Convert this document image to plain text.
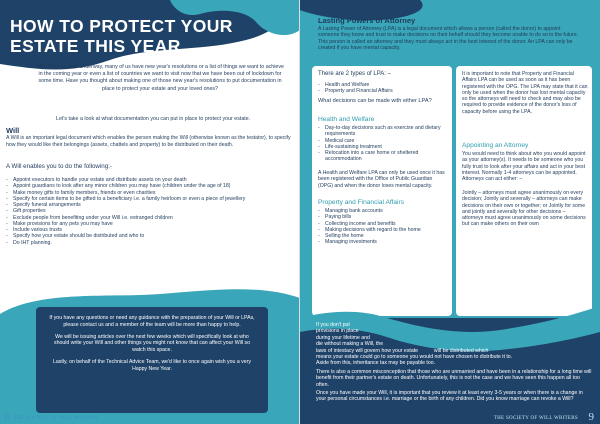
HOW TO PROTECT YOUR ESTATE THIS YEAR
With the year well underway, many of us have new year's resolutions or a list of things we want to achieve in the coming year or even a list of countries we want to visit now that we have been out of lockdown for some time. Have you thought about making one of those new year's resolutions to put documentation in place to protect your estate and your loved ones?
Let's take a look at what documentation you can put in place to protect your estate.
Will
A Will is an important legal document which enables the person making the Will (otherwise known as the testator), to specify how they would like their belongings (assets, chattels and property) to be distributed on their death.
A Will enables you to do the following:-
- Appoint executors to handle your estate and distribute assets on your death
- Appoint guardians to look after any minor children you may have (children under the age of 18)
- Make money gifts to family members, friends or even charities
- Specify for certain items to be gifted to a beneficiary i.e. a family heirloom or even a piece of jewellery
- Specify funeral arrangements
- Gift properties
- Exclude people from benefiting under your Will i.e. estranged children
- Make provisions for any pets you may have
- Include various trusts
- Specify how your estate should be distributed and who to
- Do IHT planning.

If you have any questions or need any guidance with the preparation of your Will or LPAs, please contact us and a member of the team will be more than happy to help.

We will be issuing articles over the next few weeks which will specifically look at who should write your Will and other things you might not know that can affect your Will so watch this space.

Lastly, on behalf of the Technical Advice Team, we'd like to once again wish you a very Happy New Year.

8 THE SOCIETY OF WILL WRITERS
Lasting Powers of Attorney
A Lasting Power of Attorney (LPA) is a legal document which allows a person (called the donor) to appoint someone they know and trust to make decisions on their behalf should they become unable to do so in the future. This person is called an attorney and they must always act in the best interest of the donor. An LPA can only be created if you have mental capacity.
There are 2 types of LPA: –
- Health and Welfare
- Property and Financial Affairs
What decisions can be made with either LPA?
Health and Welfare
- Day-to-day decisions such as exercise and dietary requirements
- Medical care
- Life-sustaining treatment
- Relocation into a care home or sheltered accommodation
A Health and Welfare LPA can only be used once it has been registered with the Office of Public Guardian (OPG) and when the donor loses mental capacity.
Property and Financial Affairs
- Managing bank accounts
- Paying bills
- Collecting income and benefits
- Making decisions with regard to the home
- Selling the home
- Managing investments
It is important to note that Property and Financial Affairs LPA can be used as soon as it has been registered with the OPG. The LPA may state that it can only be used when the donor has lost mental capacity so the attorneys will need to check and may also be required to provide evidence of the donor's loss of capacity before using the LPA.
Appointing an Attorney
You would need to think about who you would appoint as your attorney(s). It needs to be someone who you fully trust to look after your affairs and act in your best interest. Normally 1-4 attorneys can be appointed. Attorneys can act either: –
Jointly – attorneys must agree unanimously on every decision; Jointly and severally – attorneys can make decisions on their own or together; or Jointly for some and jointly and severally for other decisions – attorneys must agree unanimously on some decisions but can make others on their own
If you don't put
provisions in place
during your lifetime and
die without making a Will, the
laws of intestacy will govern how your estate           will be distributed which
means your estate could go to someone you would not have chosen to distribute it to.
Aside from this, inheritance tax may be payable too.
There is also a common misconception that those who are unmarried and have been in a relationship for a long time will benefit from their partner's estate on death. Unfortunately, this is not the case and we have seen this happen all too often.
Once you have made your Will, it is important that you review it at least every 3-5 years or when there is a change in your personal circumstances i.e. marriage or the birth of any children. Did you know marriage can revoke a Will?
THE SOCIETY OF WILL WRITERS 9
